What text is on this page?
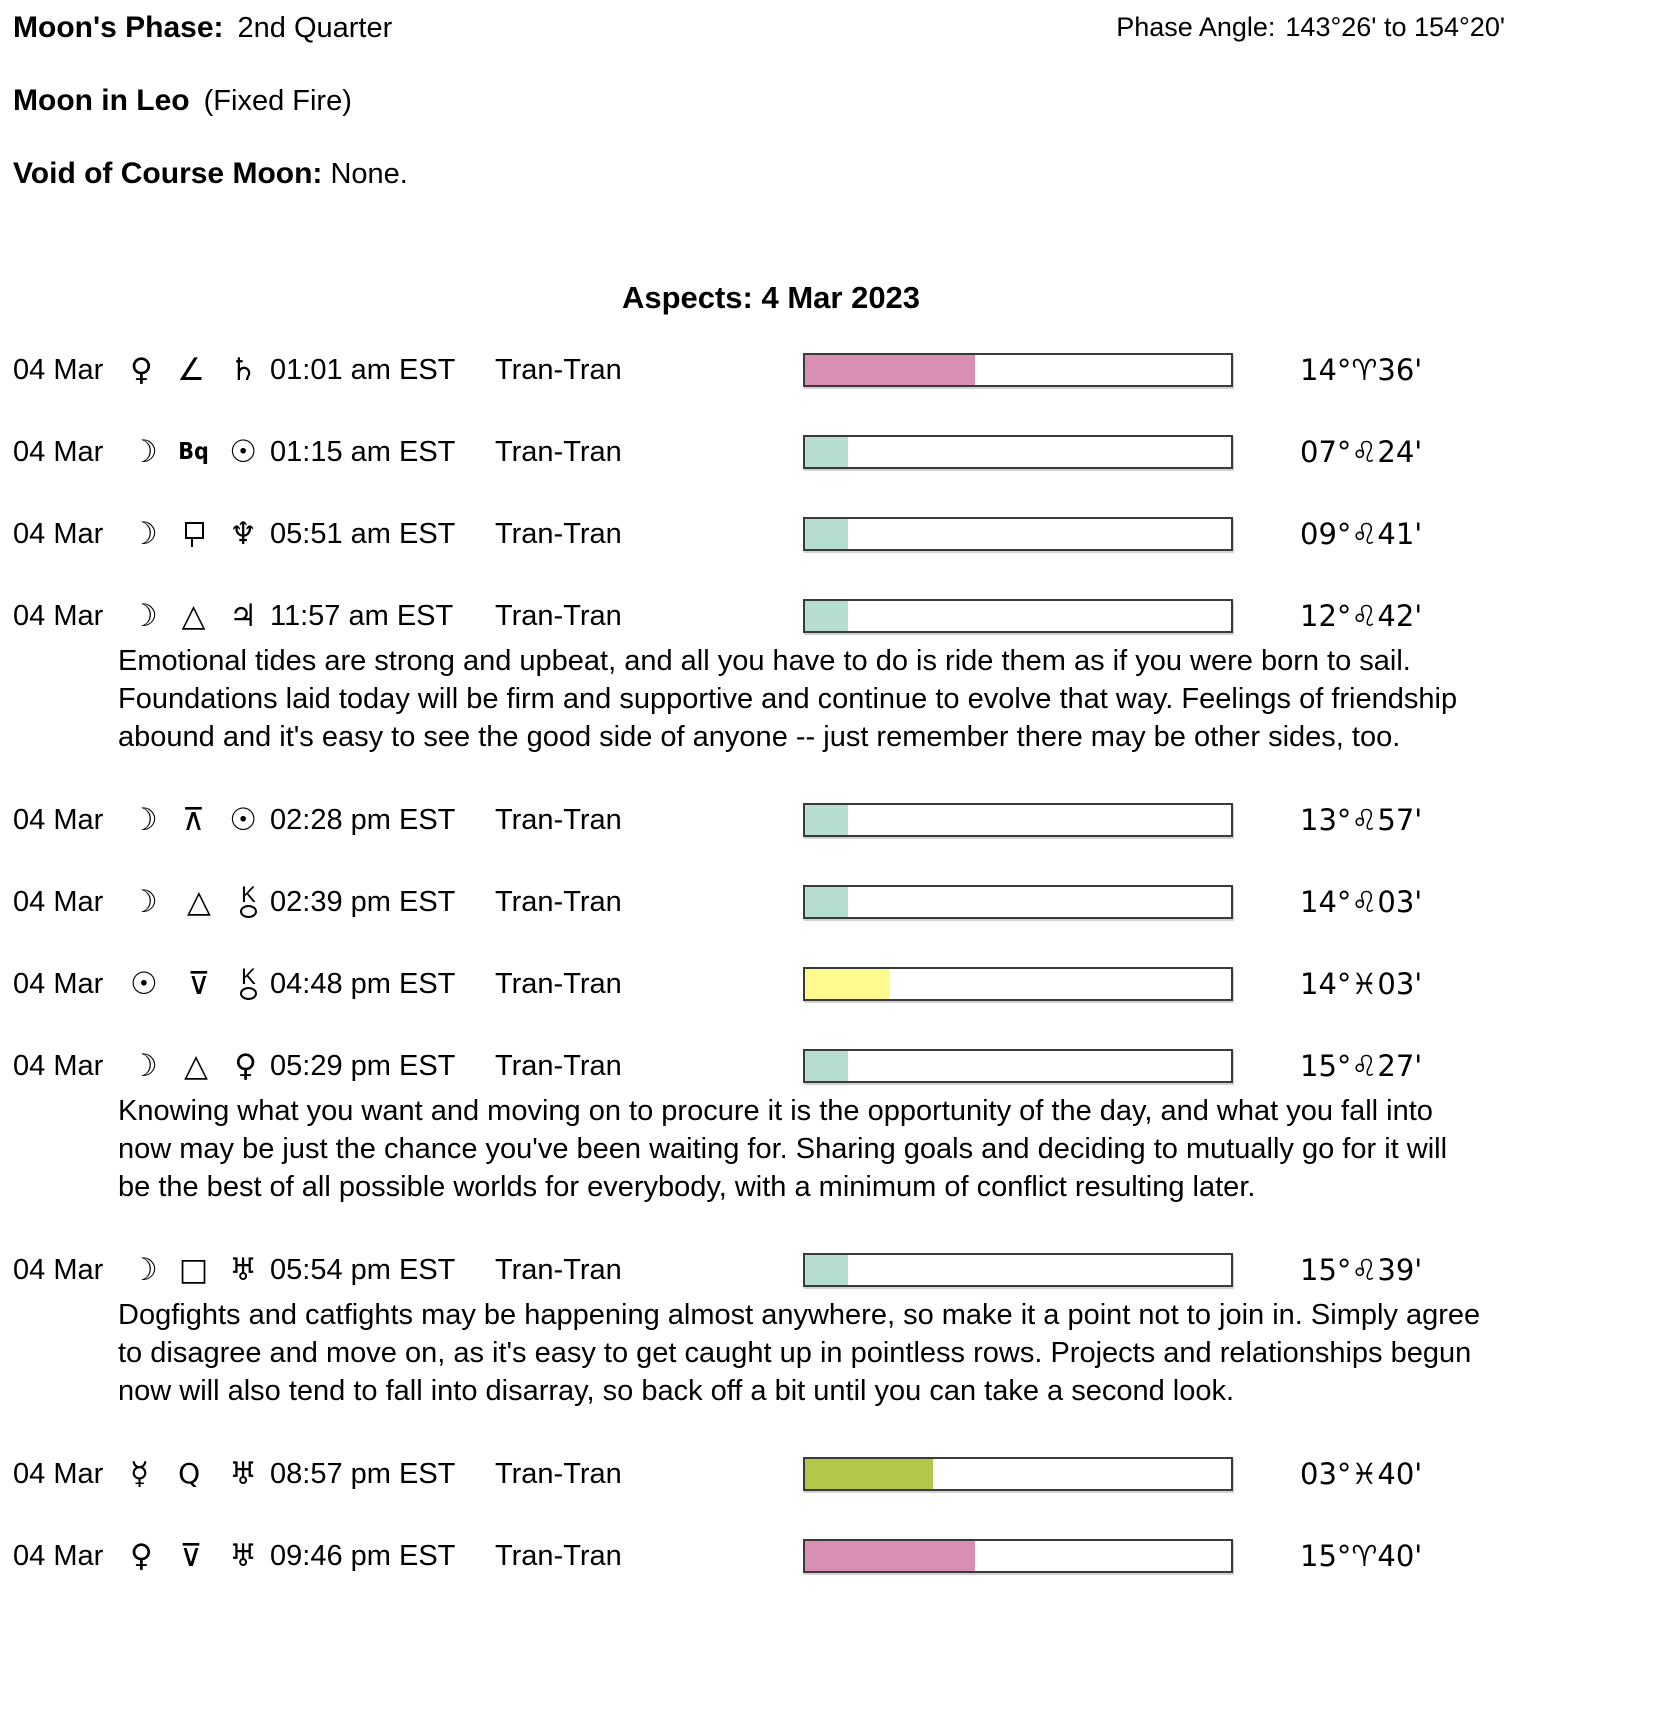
Moon's Phase: 2nd Quarter	Phase Angle: 143°26' to 154°20'
Moon in Leo (Fixed Fire)
Void of Course Moon: None.
Aspects: 4 Mar 2023
04 Mar ♀ ∠ ♄ 01:01 am EST	Tran-Tran	14°♈36'
04 Mar ☽ Bq ☉ 01:15 am EST	Tran-Tran	07°♌24'
04 Mar ☽ ♆ 05:51 am EST	Tran-Tran	09°♌41'
04 Mar ☽ △ ♃ 11:57 am EST	Tran-Tran	12°♌42'
Emotional tides are strong and upbeat, and all you have to do is ride them as if you were born to sail. Foundations laid today will be firm and supportive and continue to evolve that way. Feelings of friendship abound and it's easy to see the good side of anyone -- just remember there may be other sides, too.
04 Mar ☽ ⊼ ☉ 02:28 pm EST	Tran-Tran	13°♌57'
04 Mar ☽ △ K 02:39 pm EST	Tran-Tran	14°♌03'
04 Mar ☉ ⊽ K 04:48 pm EST	Tran-Tran	14°♓03'
04 Mar ☽ △ ♀ 05:29 pm EST	Tran-Tran	15°♌27'
Knowing what you want and moving on to procure it is the opportunity of the day, and what you fall into now may be just the chance you've been waiting for. Sharing goals and deciding to mutually go for it will be the best of all possible worlds for everybody, with a minimum of conflict resulting later.
04 Mar ☽ □ ♅ 05:54 pm EST	Tran-Tran	15°♌39'
Dogfights and catfights may be happening almost anywhere, so make it a point not to join in. Simply agree to disagree and move on, as it's easy to get caught up in pointless rows. Projects and relationships begun now will also tend to fall into disarray, so back off a bit until you can take a second look.
04 Mar ☿ Q ♅ 08:57 pm EST	Tran-Tran	03°♓40'
04 Mar ♀ ⊽ ♅ 09:46 pm EST	Tran-Tran	15°♈40'
